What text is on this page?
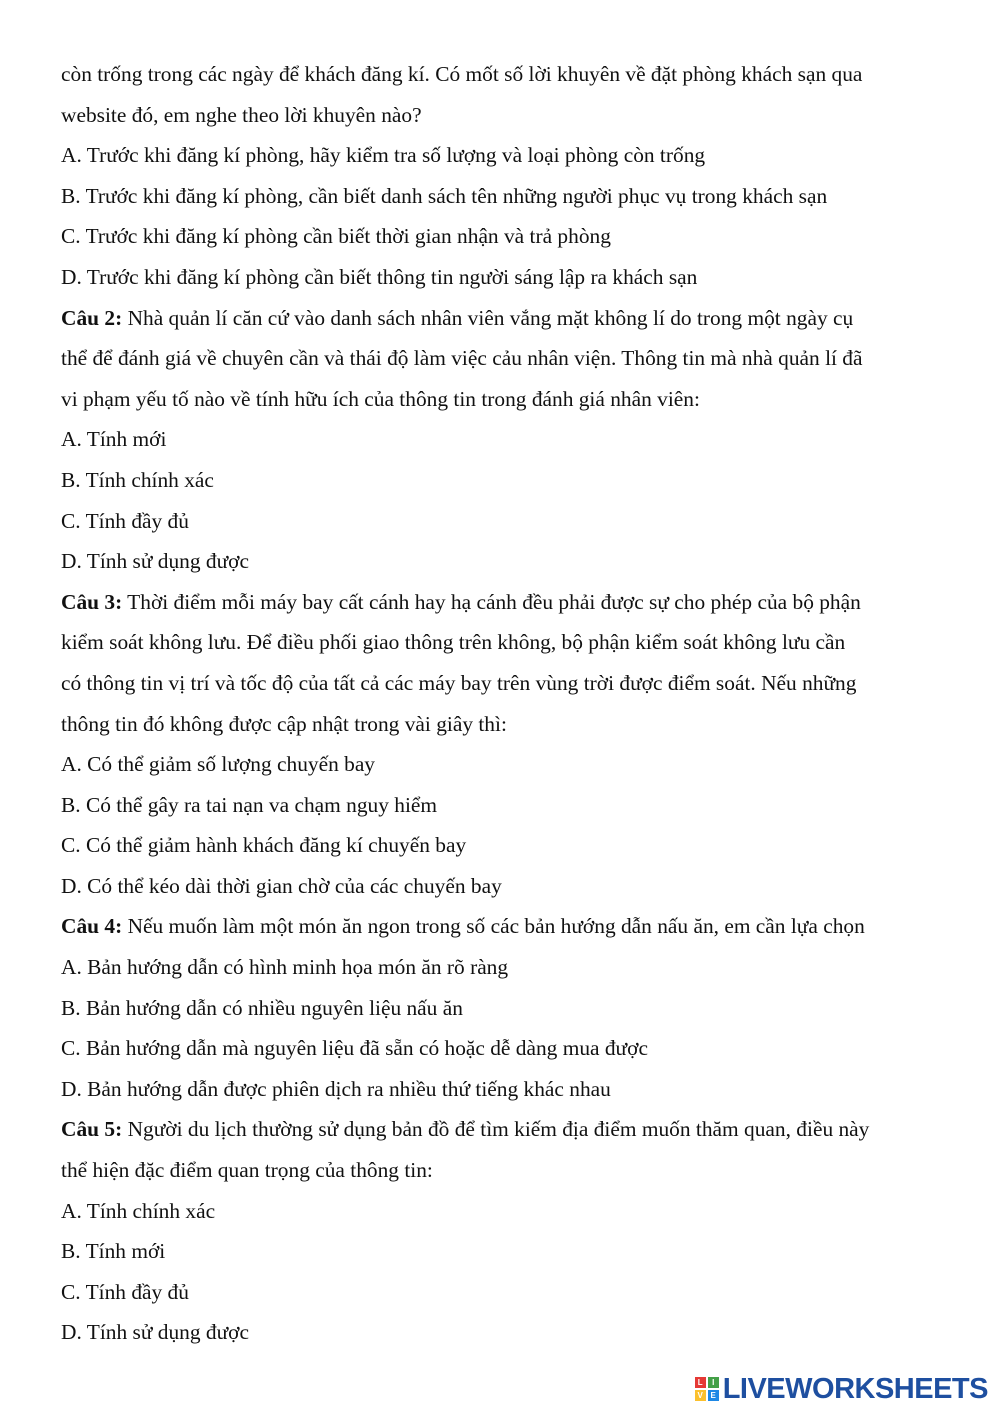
còn trống trong các ngày để khách đăng kí. Có mốt số lời khuyên về đặt phòng khách sạn qua
website đó, em nghe theo lời khuyên nào?
A. Trước khi đăng kí phòng, hãy kiểm tra số lượng và loại phòng còn trống
B. Trước khi đăng kí phòng, cần biết danh sách tên những người phục vụ trong khách sạn
C. Trước khi đăng kí phòng cần biết thời gian nhận và trả phòng
D. Trước khi đăng kí phòng cần biết thông tin người sáng lập ra khách sạn
Câu 2: Nhà quản lí căn cứ vào danh sách nhân viên vắng mặt không lí do trong một ngày cụ
thể để đánh giá về chuyên cần và thái độ làm việc cảu nhân viện. Thông tin mà nhà quản lí đã
vi phạm yếu tố nào về tính hữu ích của thông tin trong đánh giá nhân viên:
A. Tính mới
B. Tính chính xác
C. Tính đầy đủ
D. Tính sử dụng được
Câu 3: Thời điểm mỗi máy bay cất cánh hay hạ cánh đều phải được sự cho phép của bộ phận
kiểm soát không lưu. Để điều phối giao thông trên không, bộ phận kiểm soát không lưu cần
có thông tin vị trí và tốc độ của tất cả các máy bay trên vùng trời được điểm soát. Nếu những
thông tin đó không được cập nhật trong vài giây thì:
A. Có thể giảm số lượng chuyến bay
B. Có thể gây ra tai nạn va chạm nguy hiểm
C. Có thể giảm hành khách đăng kí chuyến bay
D. Có thể kéo dài thời gian chờ của các chuyến bay
Câu 4: Nếu muốn làm một món ăn ngon trong số các bản hướng dẫn nấu ăn, em cần lựa chọn
A. Bản hướng dẫn có hình minh họa món ăn rõ ràng
B. Bản hướng dẫn có nhiều nguyên liệu nấu ăn
C. Bản hướng dẫn mà nguyên liệu đã sẵn có hoặc dễ dàng mua được
D. Bản hướng dẫn được phiên dịch ra nhiều thứ tiếng khác nhau
Câu 5: Người du lịch thường sử dụng bản đồ để tìm kiếm địa điểm muốn thăm quan, điều này
thể hiện đặc điểm quan trọng của thông tin:
A. Tính chính xác
B. Tính mới
C. Tính đầy đủ
D. Tính sử dụng được
L	I
V E LIVEWORKSHEETS
